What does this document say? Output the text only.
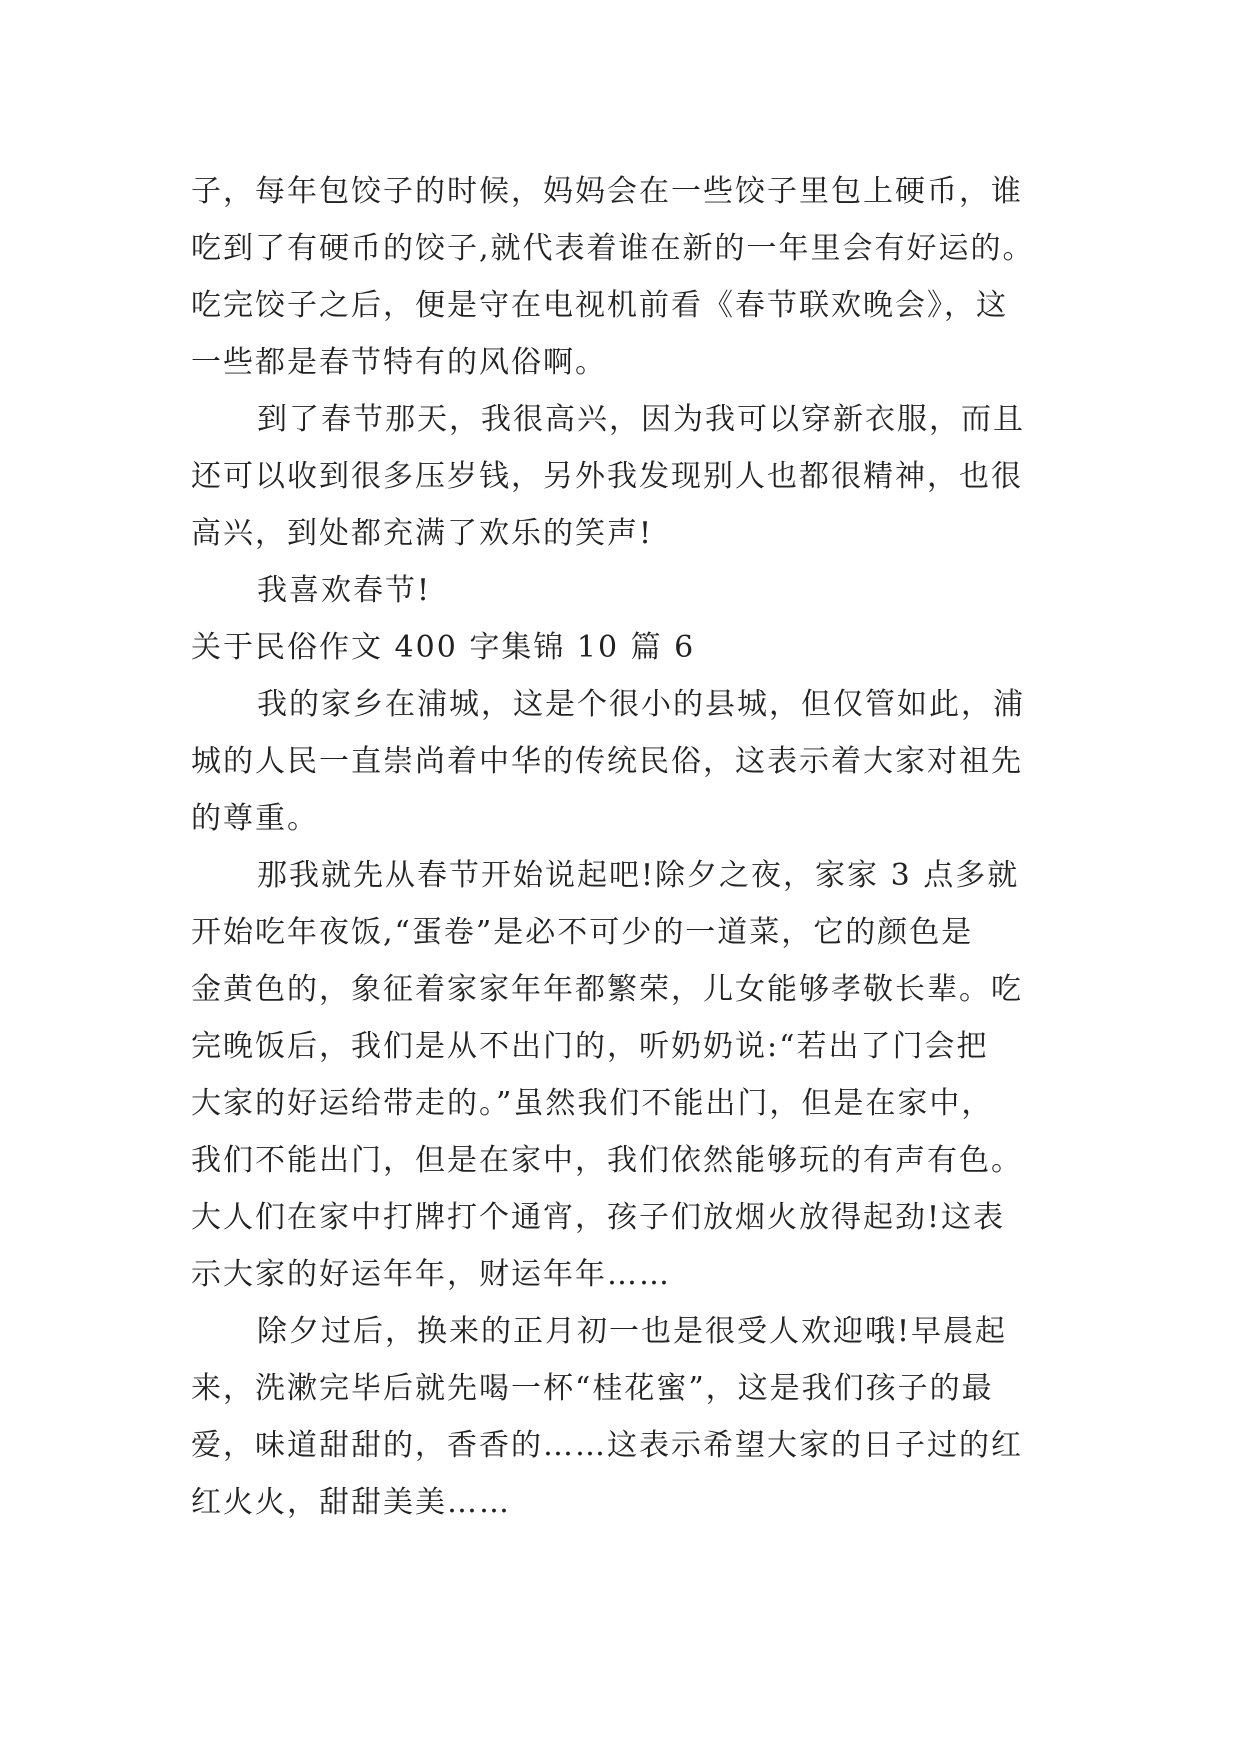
子，每年包饺子的时候，妈妈会在一些饺子里包上硬币，谁
吃到了有硬币的饺子,就代表着谁在新的一年里会有好运的。
吃完饺子之后，便是守在电视机前看《春节联欢晚会》，这
一些都是春节特有的风俗啊。
到了春节那天，我很高兴，因为我可以穿新衣服，而且
还可以收到很多压岁钱，另外我发现别人也都很精神，也很
高兴，到处都充满了欢乐的笑声!
我喜欢春节!
关于民俗作文 400 字集锦 10 篇 6
我的家乡在浦城，这是个很小的县城，但仅管如此，浦
城的人民一直崇尚着中华的传统民俗，这表示着大家对祖先
的尊重。
那我就先从春节开始说起吧!除夕之夜，家家 3 点多就
开始吃年夜饭,“蛋卷”是必不可少的一道菜，它的颜色是
金黄色的，象征着家家年年都繁荣，儿女能够孝敬长辈。吃
完晚饭后，我们是从不出门的，听奶奶说:“若出了门会把
大家的好运给带走的。”虽然我们不能出门，但是在家中，
我们不能出门，但是在家中，我们依然能够玩的有声有色。
大人们在家中打牌打个通宵，孩子们放烟火放得起劲!这表
示大家的好运年年，财运年年……
除夕过后，换来的正月初一也是很受人欢迎哦!早晨起
来，洗漱完毕后就先喝一杯“桂花蜜”，这是我们孩子的最
爱，味道甜甜的，香香的……这表示希望大家的日子过的红
红火火，甜甜美美……
